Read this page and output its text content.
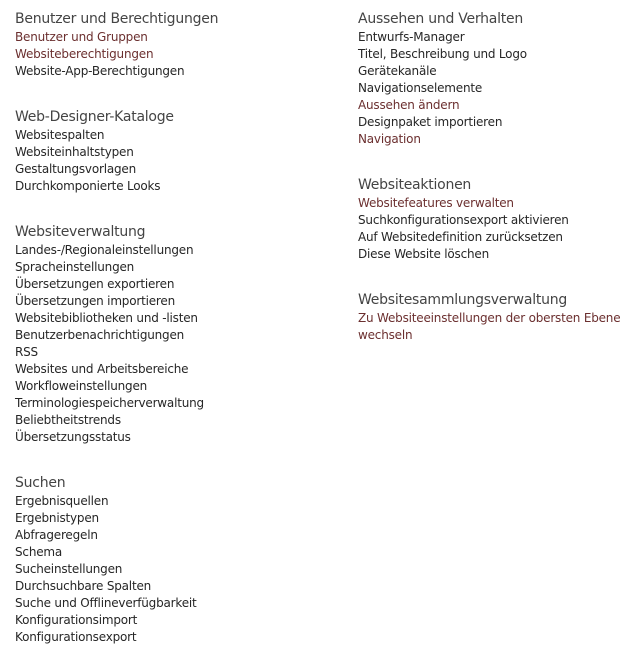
Benutzer und Berechtigungen
Benutzer und Gruppen
Websiteberechtigungen
Website-App-Berechtigungen
Web-Designer-Kataloge
Websitespalten
Websiteinhaltstypen
Gestaltungsvorlagen
Durchkomponierte Looks
Websiteverwaltung
Landes-/Regionaleinstellungen
Spracheinstellungen
Übersetzungen exportieren
Übersetzungen importieren
Websitebibliotheken und -listen
Benutzerbenachrichtigungen
RSS
Websites und Arbeitsbereiche
Workfloweinstellungen
Terminologiespeicherverwaltung
Beliebtheitstrends
Übersetzungsstatus
Suchen
Ergebnisquellen
Ergebnistypen
Abfrageregeln
Schema
Sucheinstellungen
Durchsuchbare Spalten
Suche und Offlineverfügbarkeit
Konfigurationsimport
Konfigurationsexport
Aussehen und Verhalten
Entwurfs-Manager
Titel, Beschreibung und Logo
Gerätekanäle
Navigationselemente
Aussehen ändern
Designpaket importieren
Navigation
Websiteaktionen
Websitefeatures verwalten
Suchkonfigurationsexport aktivieren
Auf Websitedefinition zurücksetzen
Diese Website löschen
Websitesammlungsverwaltung
Zu Websiteeinstellungen der obersten Ebene wechseln
